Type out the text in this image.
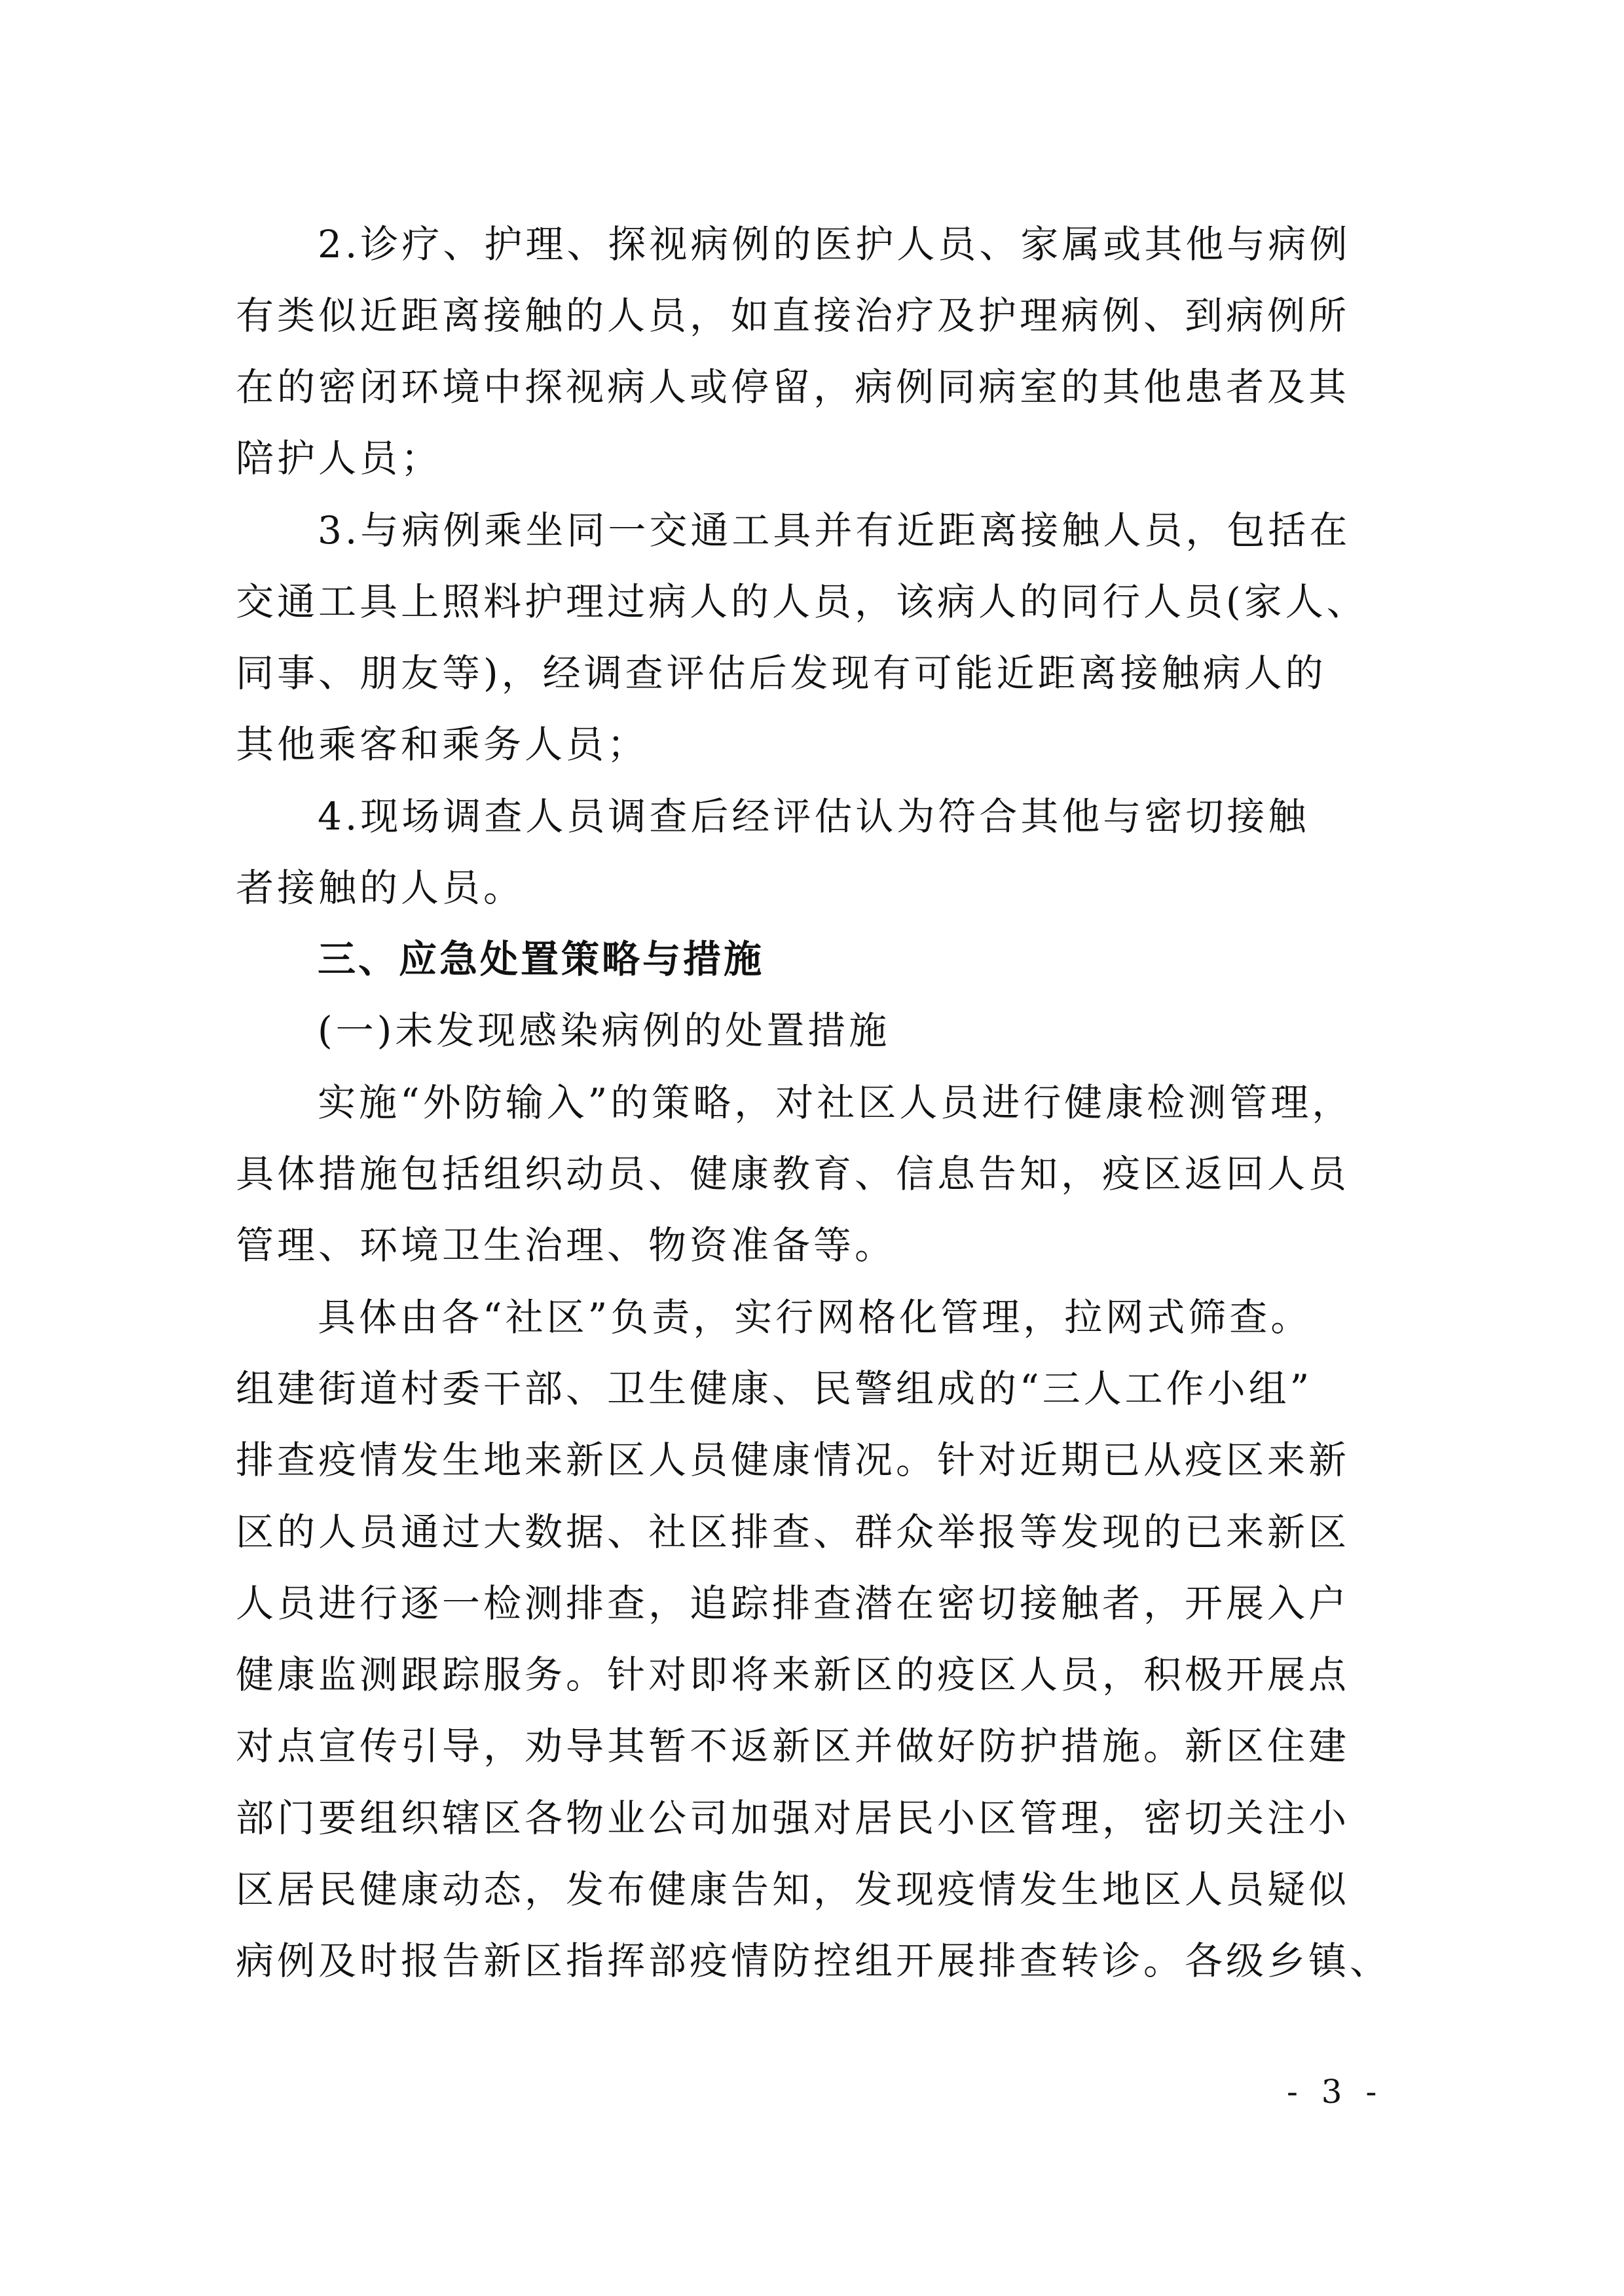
2.诊疗、护理、探视病例的医护人员、家属或其他与病例
有类似近距离接触的人员，如直接治疗及护理病例、到病例所
在的密闭环境中探视病人或停留，病例同病室的其他患者及其
陪护人员；
3.与病例乘坐同一交通工具并有近距离接触人员，包括在
交通工具上照料护理过病人的人员，该病人的同行人员(家人、
同事、朋友等)，经调查评估后发现有可能近距离接触病人的
其他乘客和乘务人员；
4.现场调查人员调查后经评估认为符合其他与密切接触
者接触的人员。
三、应急处置策略与措施
(一)未发现感染病例的处置措施
实施“外防输入”的策略，对社区人员进行健康检测管理，
具体措施包括组织动员、健康教育、信息告知，疫区返回人员
管理、环境卫生治理、物资准备等。
具体由各“社区”负责，实行网格化管理，拉网式筛查。
组建街道村委干部、卫生健康、民警组成的“三人工作小组”
排查疫情发生地来新区人员健康情况。针对近期已从疫区来新
区的人员通过大数据、社区排查、群众举报等发现的已来新区
人员进行逐一检测排查，追踪排查潜在密切接触者，开展入户
健康监测跟踪服务。针对即将来新区的疫区人员，积极开展点
对点宣传引导，劝导其暂不返新区并做好防护措施。新区住建
部门要组织辖区各物业公司加强对居民小区管理，密切关注小
区居民健康动态，发布健康告知，发现疫情发生地区人员疑似
病例及时报告新区指挥部疫情防控组开展排查转诊。各级乡镇、
- 3 -
